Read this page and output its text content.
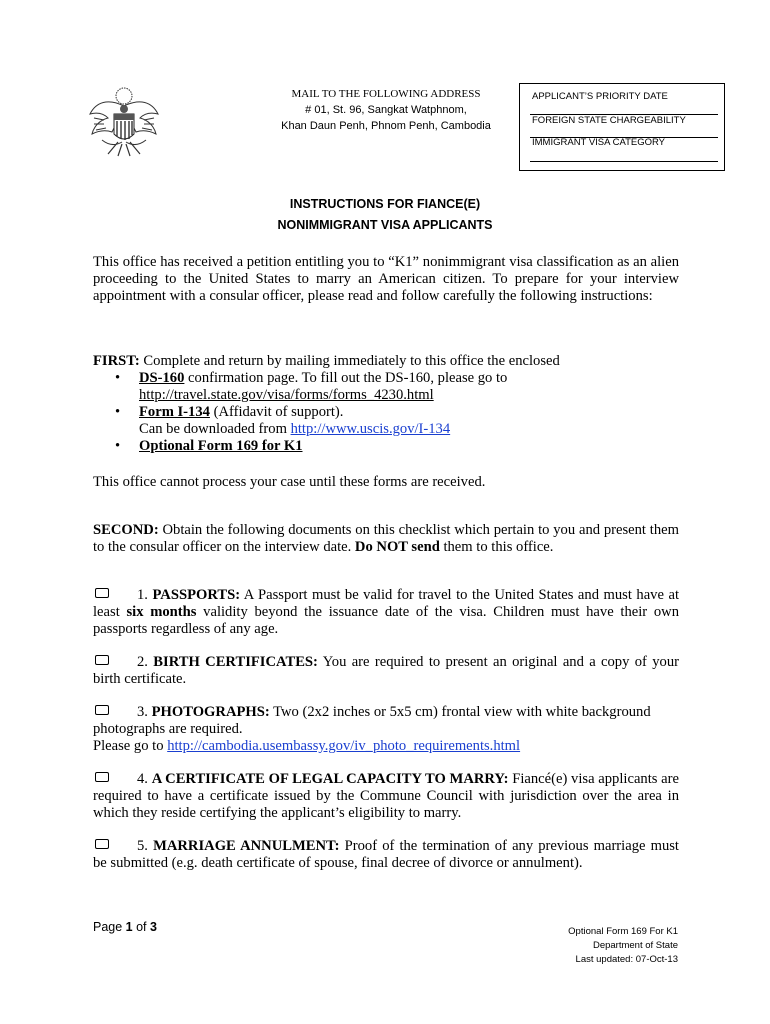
MAIL TO THE FOLLOWING ADDRESS
# 01, St. 96, Sangkat Watphnom,
Khan Daun Penh, Phnom Penh, Cambodia
APPLICANT’S PRIORITY DATE
FOREIGN STATE CHARGEABILITY
IMMIGRANT VISA CATEGORY
INSTRUCTIONS FOR FIANCE(E)
NONIMMIGRANT VISA APPLICANTS
This office has received a petition entitling you to “K1” nonimmigrant visa classification as an alien proceeding to the United States to marry an American citizen. To prepare for your interview appointment with a consular officer, please read and follow carefully the following instructions:
FIRST: Complete and return by mailing immediately to this office the enclosed
• DS-160 confirmation page. To fill out the DS-160, please go to
http://travel.state.gov/visa/forms/forms_4230.html
• Form I-134 (Affidavit of support).
Can be downloaded from http://www.uscis.gov/I-134
• Optional Form 169 for K1
This office cannot process your case until these forms are received.
SECOND: Obtain the following documents on this checklist which pertain to you and present them to the consular officer on the interview date. Do NOT send them to this office.
1. PASSPORTS: A Passport must be valid for travel to the United States and must have at least six months validity beyond the issuance date of the visa. Children must have their own passports regardless of any age.
2. BIRTH CERTIFICATES: You are required to present an original and a copy of your birth certificate.
3. PHOTOGRAPHS: Two (2x2 inches or 5x5 cm) frontal view with white background photographs are required.
Please go to http://cambodia.usembassy.gov/iv_photo_requirements.html
4. A CERTIFICATE OF LEGAL CAPACITY TO MARRY: Fiancé(e) visa applicants are required to have a certificate issued by the Commune Council with jurisdiction over the area in which they reside certifying the applicant’s eligibility to marry.
5. MARRIAGE ANNULMENT: Proof of the termination of any previous marriage must be submitted (e.g. death certificate of spouse, final decree of divorce or annulment).
Page 1 of 3	Optional Form 169 For K1
Department of State
Last updated: 07-Oct-13
